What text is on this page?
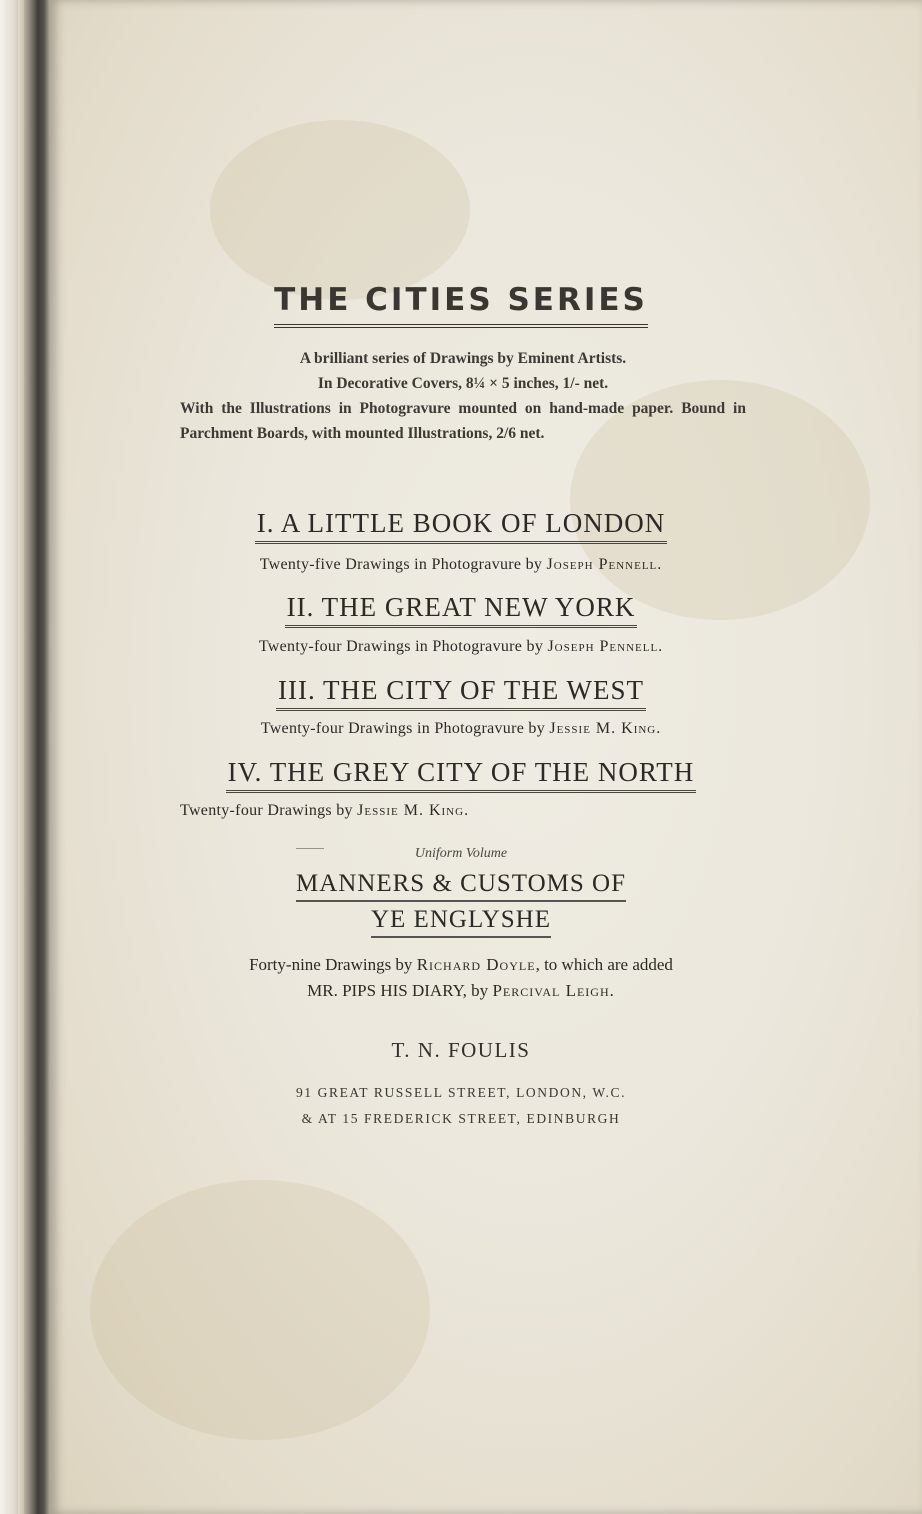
THE CITIES SERIES
A brilliant series of Drawings by Eminent Artists.
In Decorative Covers, 8¼ × 5 inches, 1/- net.
With the Illustrations in Photogravure mounted on hand-made paper. Bound in Parchment Boards, with mounted Illustrations, 2/6 net.
I. A LITTLE BOOK OF LONDON
Twenty-five Drawings in Photogravure by Joseph Pennell.
II. THE GREAT NEW YORK
Twenty-four Drawings in Photogravure by Joseph Pennell.
III. THE CITY OF THE WEST
Twenty-four Drawings in Photogravure by Jessie M. King.
IV. THE GREY CITY OF THE NORTH
Twenty-four Drawings by Jessie M. King.
Uniform Volume
MANNERS & CUSTOMS OF
YE ENGLYSHE
Forty-nine Drawings by Richard Doyle, to which are added
MR. PIPS HIS DIARY, by Percival Leigh.
T. N. FOULIS
91 GREAT RUSSELL STREET, LONDON, W.C.
& AT 15 FREDERICK STREET, EDINBURGH
